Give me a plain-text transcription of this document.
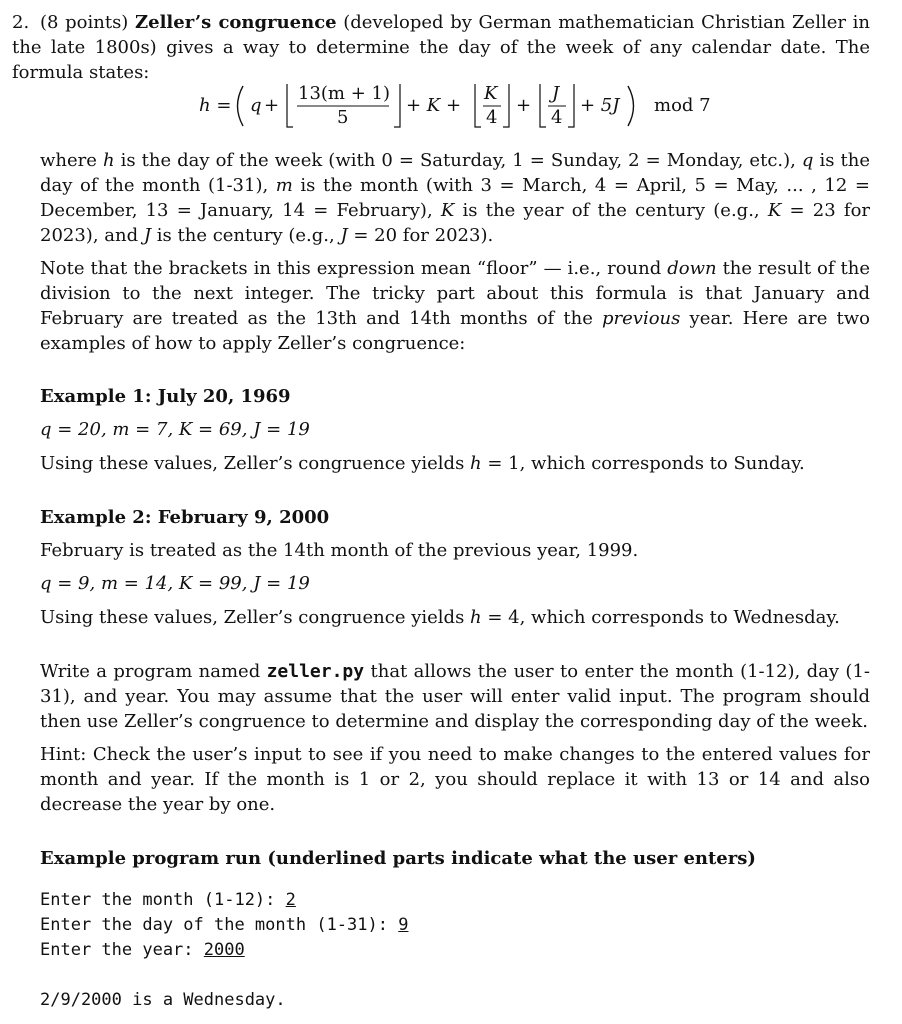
2. (8 points) Zeller’s congruence (developed by German mathematician Christian Zeller in the late 1800s) gives a way to determine the day of the week of any calendar date. The formula states:
h = q +
13(m + 1)
5
+ K +
K
4
+
J
4
+ 5J mod 7
where h is the day of the week (with 0 = Saturday, 1 = Sunday, 2 = Monday, etc.), q is the day of the month (1-31), m is the month (with 3 = March, 4 = April, 5 = May, ... , 12 = December, 13 = January, 14 = February), K is the year of the century (e.g., K = 23 for 2023), and J is the century (e.g., J = 20 for 2023).
Note that the brackets in this expression mean “floor” — i.e., round down the result of the division to the next integer. The tricky part about this formula is that January and February are treated as the 13th and 14th months of the previous year. Here are two examples of how to apply Zeller’s congruence:
Example 1: July 20, 1969
q = 20, m = 7, K = 69, J = 19
Using these values, Zeller’s congruence yields h = 1, which corresponds to Sunday.
Example 2: February 9, 2000
February is treated as the 14th month of the previous year, 1999.
q = 9, m = 14, K = 99, J = 19
Using these values, Zeller’s congruence yields h = 4, which corresponds to Wednesday.
Write a program named zeller.py that allows the user to enter the month (1-12), day (1-31), and year. You may assume that the user will enter valid input. The program should then use Zeller’s congruence to determine and display the corresponding day of the week.
Hint: Check the user’s input to see if you need to make changes to the entered values for month and year. If the month is 1 or 2, you should replace it with 13 or 14 and also decrease the year by one.
Example program run (underlined parts indicate what the user enters)
Enter the month (1-12): 2
Enter the day of the month (1-31): 9
Enter the year: 2000
2/9/2000 is a Wednesday.
